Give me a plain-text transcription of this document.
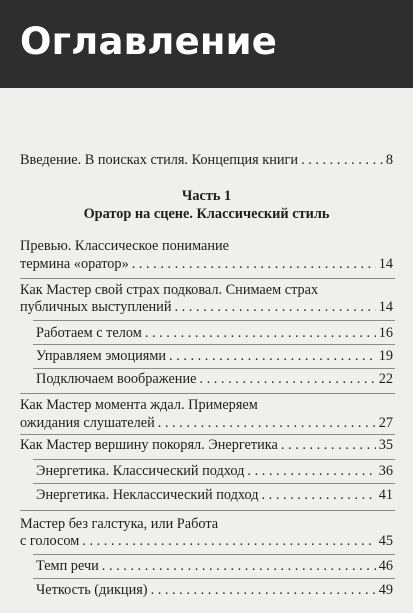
Оглавление
Введение. В поисках стиля. Концепция книги . . .	8
Часть 1
Оратор на сцене. Классический стиль
Превью. Классическое понимание
термина «оратор» . . .	14
Как Мастер свой страх подковал. Снимаем страх
публичных выступлений . . .	14
Работаем с телом . . .	16
Управляем эмоциями . . .	19
Подключаем воображение . . .	22
Как Мастер момента ждал. Примеряем
ожидания слушателей . . .	27
Как Мастер вершину покорял. Энергетика . . .	35
Энергетика. Классический подход . . .	36
Энергетика. Неклассический подход . . .	41
Мастер без галстука, или Работа
с голосом . . .	45
Темп речи . . .	46
Четкость (дикция) . . .	49
